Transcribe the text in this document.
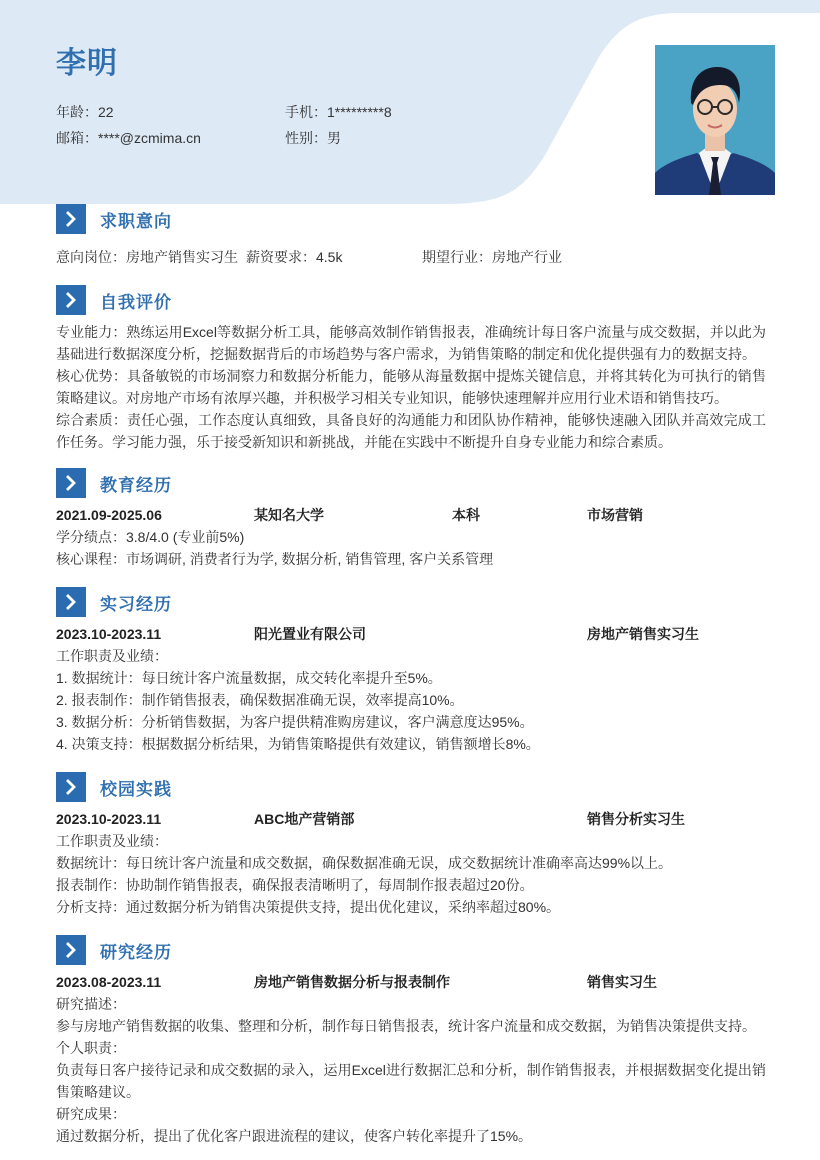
李明
年龄：22	手机：1*********8
邮箱：****@zcmima.cn	性别：男
求职意向
意向岗位：房地产销售实习生 薪资要求：4.5k	期望行业：房地产行业
自我评价

专业能力：熟练运用Excel等数据分析工具，能够高效制作销售报表，准确统计每日客户流量与成交数据，并以此为基础进行数据深度分析，挖掘数据背后的市场趋势与客户需求，为销售策略的制定和优化提供强有力的数据支持。

核心优势：具备敏锐的市场洞察力和数据分析能力，能够从海量数据中提炼关键信息，并将其转化为可执行的销售策略建议。对房地产市场有浓厚兴趣，并积极学习相关专业知识，能够快速理解并应用行业术语和销售技巧。

综合素质：责任心强，工作态度认真细致，具备良好的沟通能力和团队协作精神，能够快速融入团队并高效完成工作任务。学习能力强，乐于接受新知识和新挑战，并能在实践中不断提升自身专业能力和综合素质。

教育经历
2021.09-2025.06	某知名大学	本科	市场营销
学分绩点：3.8/4.0 (专业前5%)
核心课程：市场调研, 消费者行为学, 数据分析, 销售管理, 客户关系管理
实习经历
2023.10-2023.11	阳光置业有限公司	房地产销售实习生
工作职责及业绩：
1. 数据统计：每日统计客户流量数据，成交转化率提升至5%。
2. 报表制作：制作销售报表，确保数据准确无误，效率提高10%。
3. 数据分析：分析销售数据，为客户提供精准购房建议，客户满意度达95%。
4. 决策支持：根据数据分析结果，为销售策略提供有效建议，销售额增长8%。
校园实践
2023.10-2023.11	ABC地产营销部	销售分析实习生
工作职责及业绩：
数据统计：每日统计客户流量和成交数据，确保数据准确无误，成交数据统计准确率高达99%以上。
报表制作：协助制作销售报表，确保报表清晰明了，每周制作报表超过20份。
分析支持：通过数据分析为销售决策提供支持，提出优化建议，采纳率超过80%。
研究经历
2023.08-2023.11	房地产销售数据分析与报表制作	销售实习生
研究描述：
参与房地产销售数据的收集、整理和分析，制作每日销售报表，统计客户流量和成交数据，为销售决策提供支持。
个人职责：
负责每日客户接待记录和成交数据的录入，运用Excel进行数据汇总和分析，制作销售报表，并根据数据变化提出销售策略建议。
研究成果：
通过数据分析，提出了优化客户跟进流程的建议，使客户转化率提升了15%。
